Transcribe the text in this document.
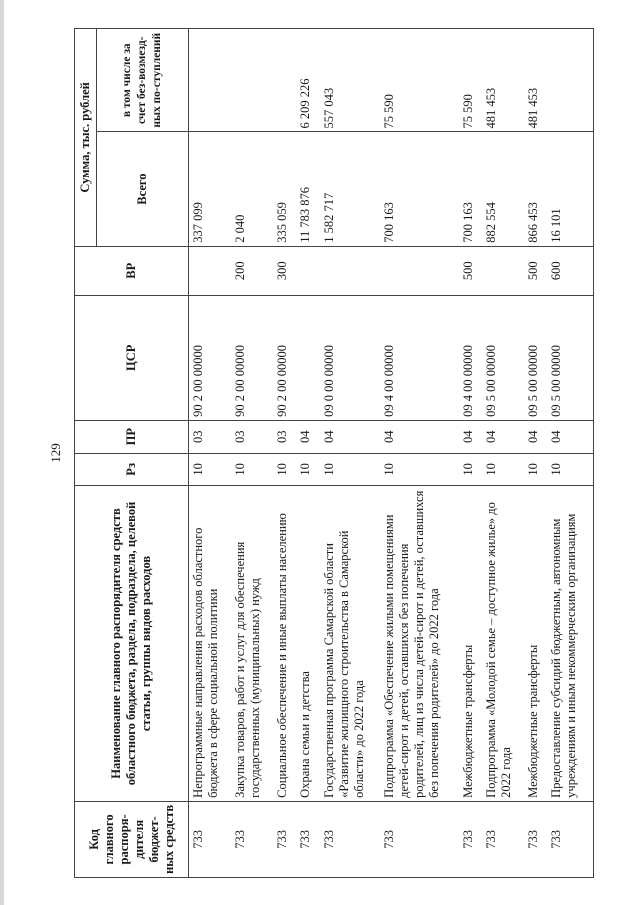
129
Код главного распоря-дителя бюджет-ных средств	Наименование главного распорядителя средств областного бюджета, раздела, подраздела, целевой статьи, группы видов расходов	Рз	ПР	ЦСР	ВР	Сумма, тыс. рублей	
						Всего	в том числе за счет без-возмезд-ных по-ступлений
733	Непрограммные направления расходов областного бюджета в сфере социальной политики	10	03	90 2 00 00000		337 099	
733	Закупка товаров, работ и услуг для обеспечения государственных (муниципальных) нужд	10	03	90 2 00 00000	200	2 040	
733	Социальное обеспечение и иные выплаты населению	10	03	90 2 00 00000	300	335 059	
733	Охрана семьи и детства	10	04			11 783 876	6 209 226
733	Государственная программа Самарской области «Развитие жилищного строительства в Самарской области» до 2022 года	10	04	09 0 00 00000		1 582 717	557 043
733	Подпрограмма «Обеспечение жилыми помещениями детей-сирот и детей, оставшихся без попечения родителей, лиц из числа детей-сирот и детей, оставшихся без попечения родителей» до 2022 года	10	04	09 4 00 00000		700 163	75 590
733	Межбюджетные трансферты	10	04	09 4 00 00000	500	700 163	75 590
733	Подпрограмма «Молодой семье – доступное жилье» до 2022 года	10	04	09 5 00 00000		882 554	481 453
733	Межбюджетные трансферты	10	04	09 5 00 00000	500	866 453	481 453
733	Предоставление субсидий бюджетным, автономным учреждениям и иным некоммерческим организациям	10	04	09 5 00 00000	600	16 101	
